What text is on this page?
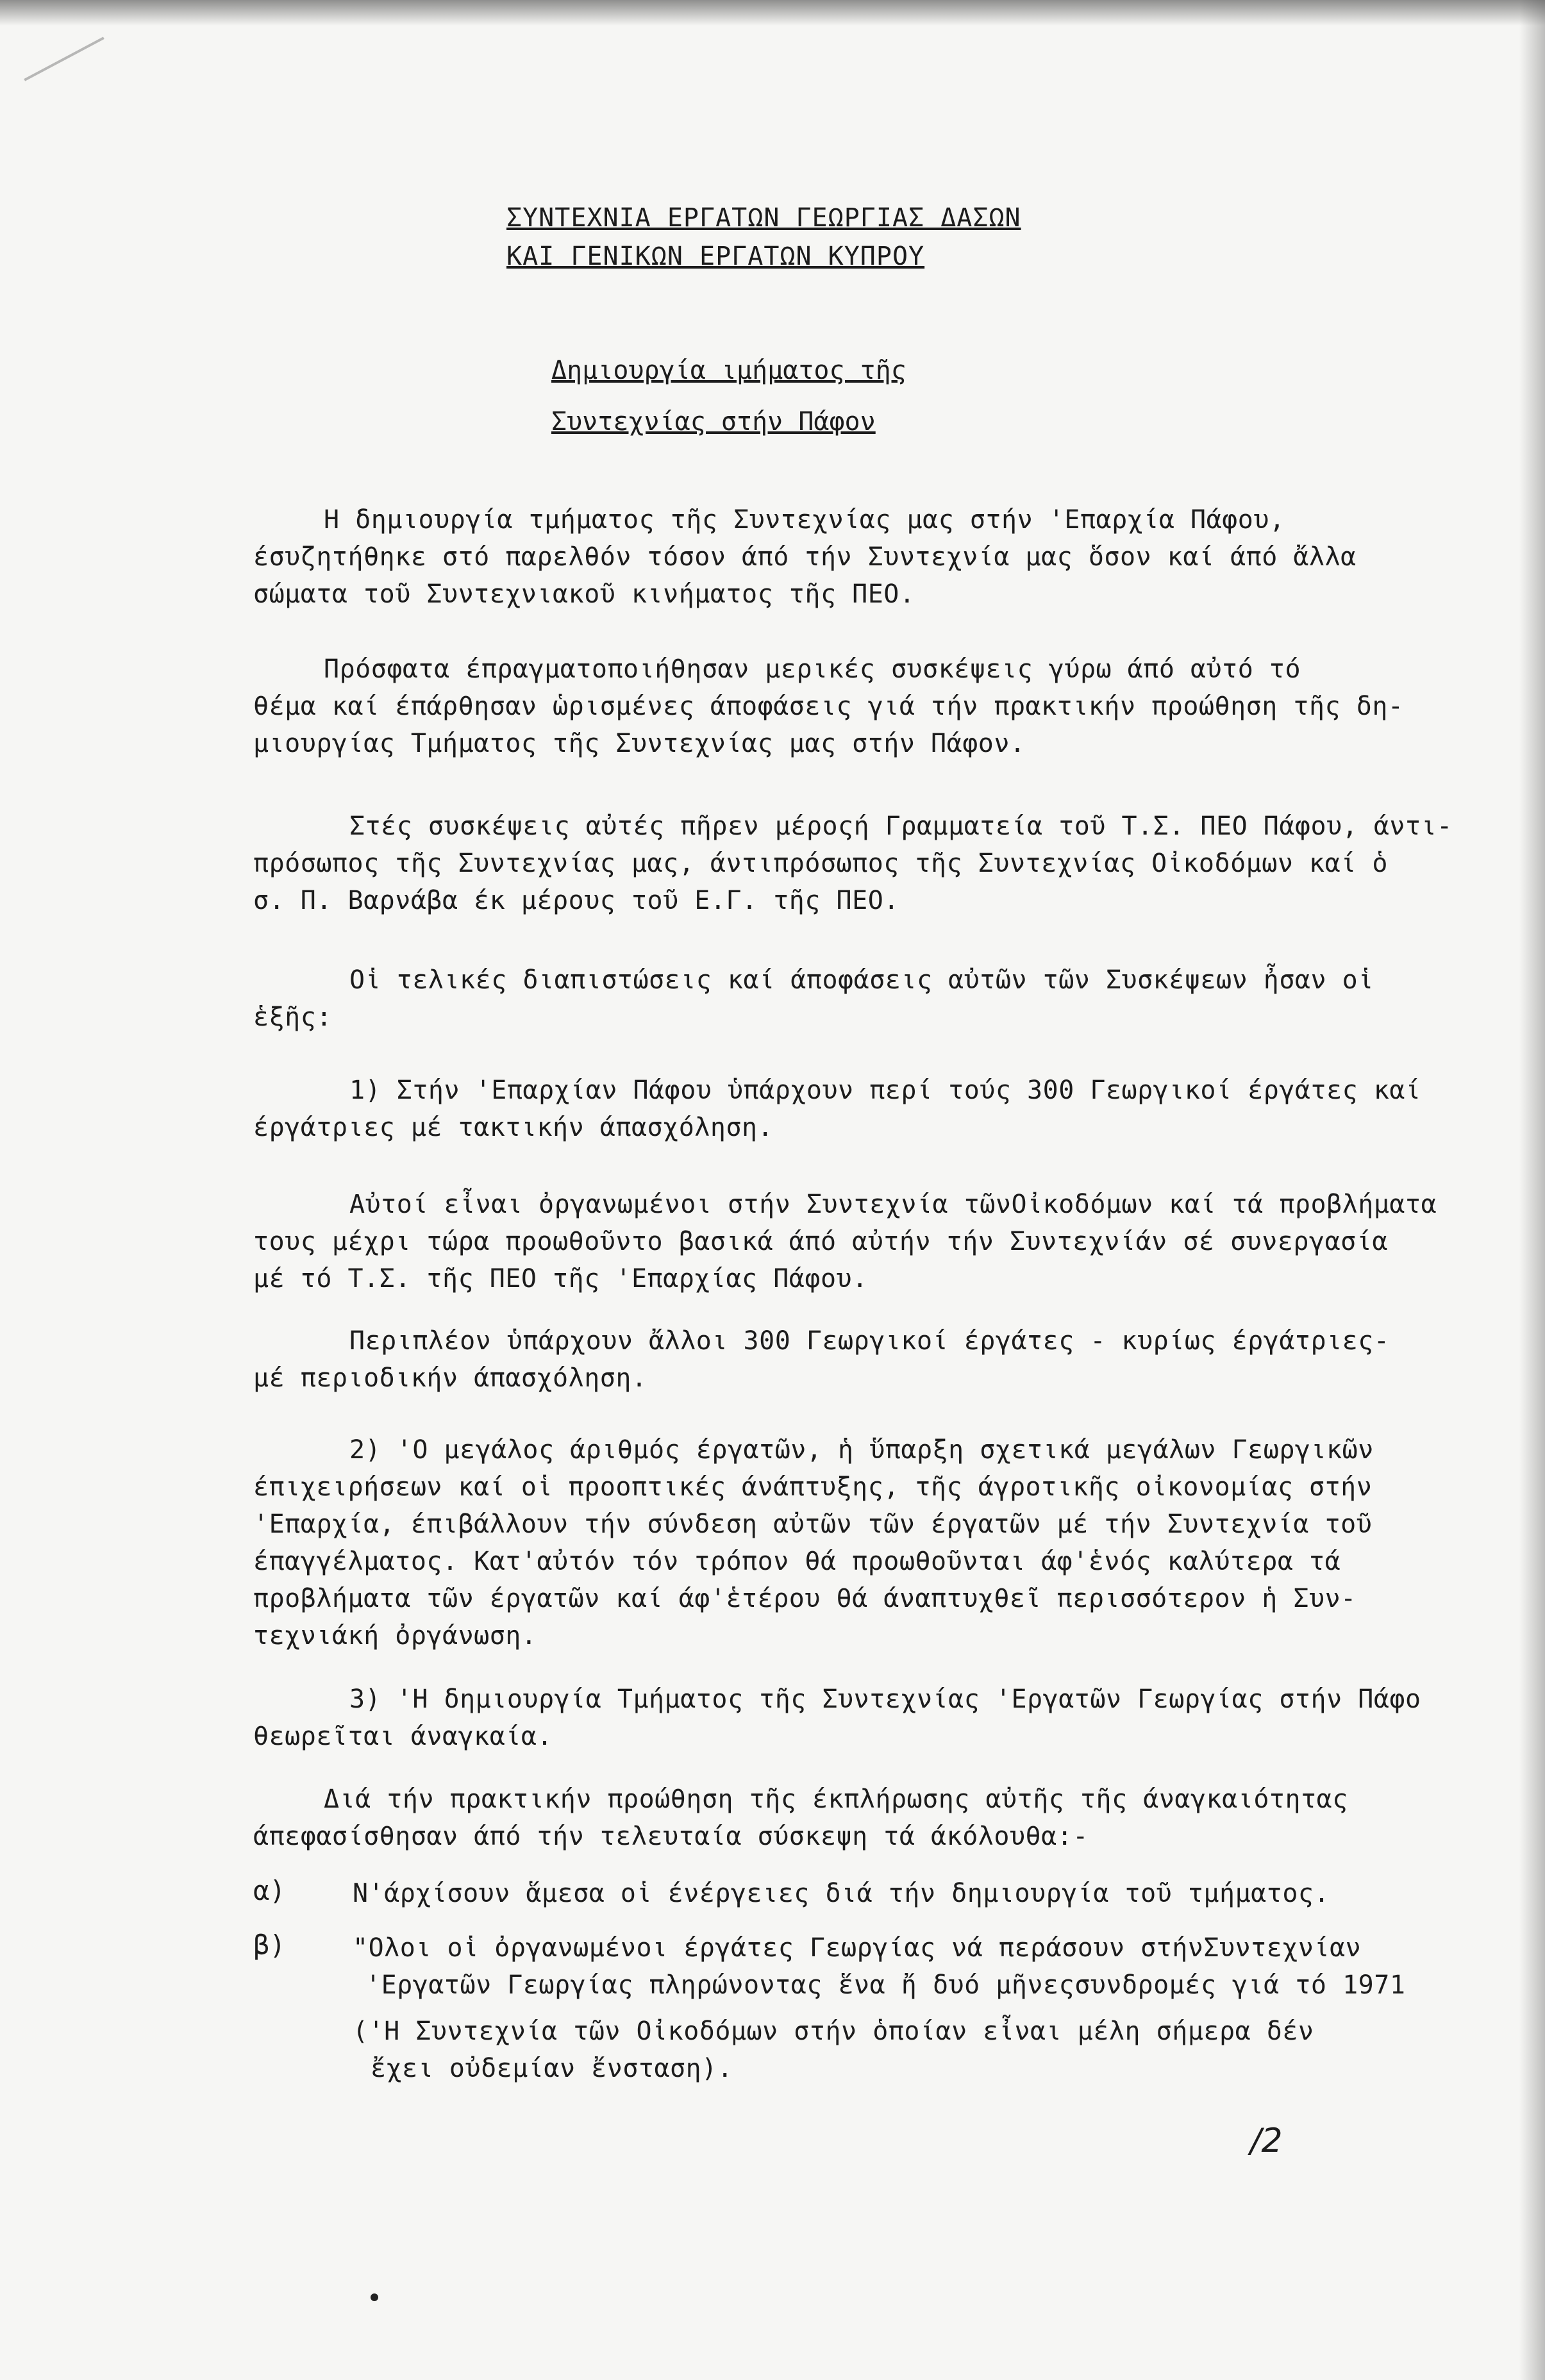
ΣΥΝΤΕΧΝΙΑ ΕΡΓΑΤΩΝ ΓΕΩΡΓΙΑΣ ΔΑΣΩΝ
ΚΑΙ ΓΕΝΙΚΩΝ ΕΡΓΑΤΩΝ ΚΥΠΡΟΥ
Δημιουργία ιμήματος τῆς
Συντεχνίας στήν Πάφον

Η δημιουργία τμήματος τῆς Συντεχνίας μας στήν 'Επαρχία Πάφου,

έσυζητήθηκε στό παρελθόν τόσον άπό τήν Συντεχνία μας ὅσον καί άπό ἄλλα

σώματα τοῦ Συντεχνιακοῦ κινήματος τῆς ΠΕΟ.

Πρόσφατα έπραγματοποιήθησαν μερικές συσκέψεις γύρω άπό αὐτό τό

θέμα καί έπάρθησαν ὡρισμένες άποφάσεις γιά τήν πρακτικήν προώθηση τῆς δη-

μιουργίας Τμήματος τῆς Συντεχνίας μας στήν Πάφον.

Στές συσκέψεις αὐτές πῆρεν μέροςή Γραμματεία τοῦ Τ.Σ. ΠΕΟ Πάφου, άντι-

πρόσωπος τῆς Συντεχνίας μας, άντιπρόσωπος τῆς Συντεχνίας Οἰκοδόμων καί ὁ

σ. Π. Βαρνάβα έκ μέρους τοῦ Ε.Γ. τῆς ΠΕΟ.

Οἱ τελικές διαπιστώσεις καί άποφάσεις αὐτῶν τῶν Συσκέψεων ἦσαν οἱ

ἑξῆς:

1) Στήν 'Επαρχίαν Πάφου ὑπάρχουν περί τούς 300 Γεωργικοί έργάτες καί

έργάτριες μέ τακτικήν άπασχόληση.

Αὐτοί εἶναι ὀργανωμένοι στήν Συντεχνία τῶνΟἰκοδόμων καί τά προβλήματα

τους μέχρι τώρα προωθοῦντο βασικά άπό αὐτήν τήν Συντεχνίάν σέ συνεργασία

μέ τό Τ.Σ. τῆς ΠΕΟ τῆς 'Επαρχίας Πάφου.

Περιπλέον ὑπάρχουν ἄλλοι 300 Γεωργικοί έργάτες - κυρίως έργάτριες-

μέ περιοδικήν άπασχόληση.

2) 'Ο μεγάλος άριθμός έργατῶν, ἡ ὕπαρξη σχετικά μεγάλων Γεωργικῶν

έπιχειρήσεων καί οἱ προοπτικές άνάπτυξης, τῆς άγροτικῆς οἰκονομίας στήν

'Επαρχία, έπιβάλλουν τήν σύνδεση αὐτῶν τῶν έργατῶν μέ τήν Συντεχνία τοῦ

έπαγγέλματος. Κατ'αὐτόν τόν τρόπον θά προωθοῦνται άφ'ἑνός καλύτερα τά

προβλήματα τῶν έργατῶν καί άφ'ἑτέρου θά άναπτυχθεῖ περισσότερον ἡ Συν-

τεχνιάκή ὀργάνωση.

3) 'Η δημιουργία Τμήματος τῆς Συντεχνίας 'Εργατῶν Γεωργίας στήν Πάφο

θεωρεῖται άναγκαία.

Διά τήν πρακτικήν προώθηση τῆς έκπλήρωσης αὐτῆς τῆς άναγκαιότητας

άπεφασίσθησαν άπό τήν τελευταία σύσκεψη τά άκόλουθα:-

α)	Ν'άρχίσουν ἅμεσα οἱ ένέργειες διά τήν δημιουργία τοῦ τμήματος.

β)	"Ολοι οἱ ὀργανωμένοι έργάτες Γεωργίας νά περάσουν στήνΣυντεχνίαν

'Εργατῶν Γεωργίας πληρώνοντας ἕνα ἤ δυό μῆνεςσυνδρομές γιά τό 1971

('Η Συντεχνία τῶν Οἰκοδόμων στήν ὁποίαν εἶναι μέλη σήμερα δέν

ἔχει οὐδεμίαν ἔνσταση).

/2
